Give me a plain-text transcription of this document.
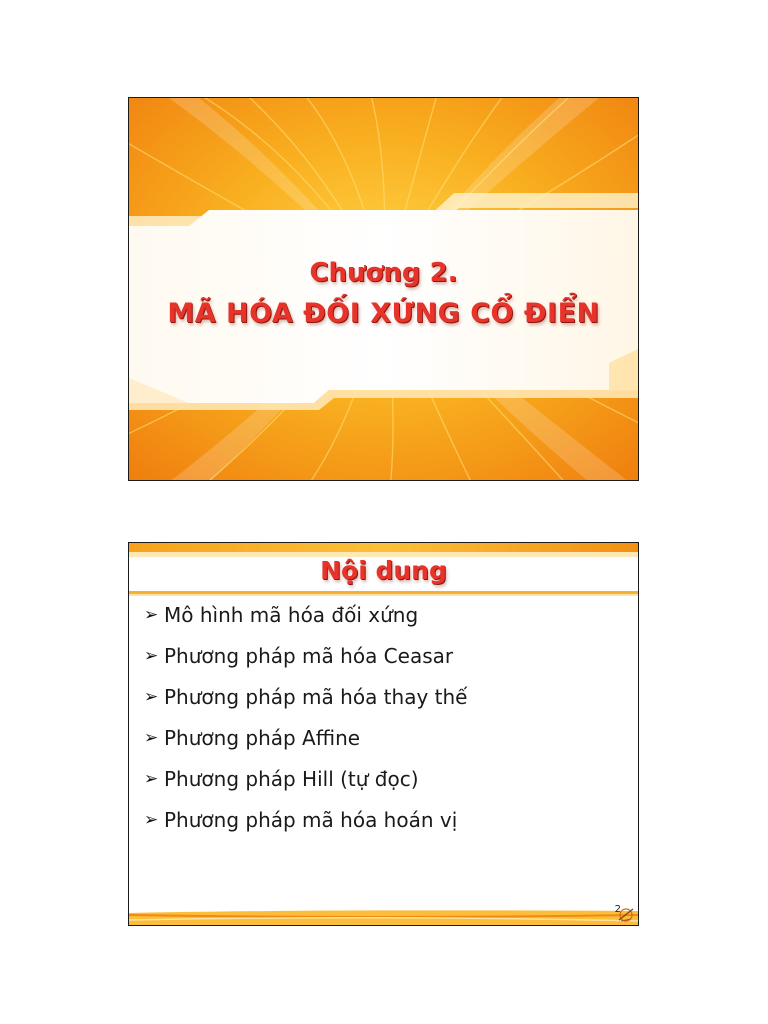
Chương 2.
MÃ HÓA ĐỐI XỨNG CỔ ĐIỂN
Nội dung
➢ Mô hình mã hóa đối xứng
➢ Phương pháp mã hóa Ceasar
➢ Phương pháp mã hóa thay thế
➢ Phương pháp Affine
➢ Phương pháp Hill (tự đọc)
➢ Phương pháp mã hóa hoán vị
2
